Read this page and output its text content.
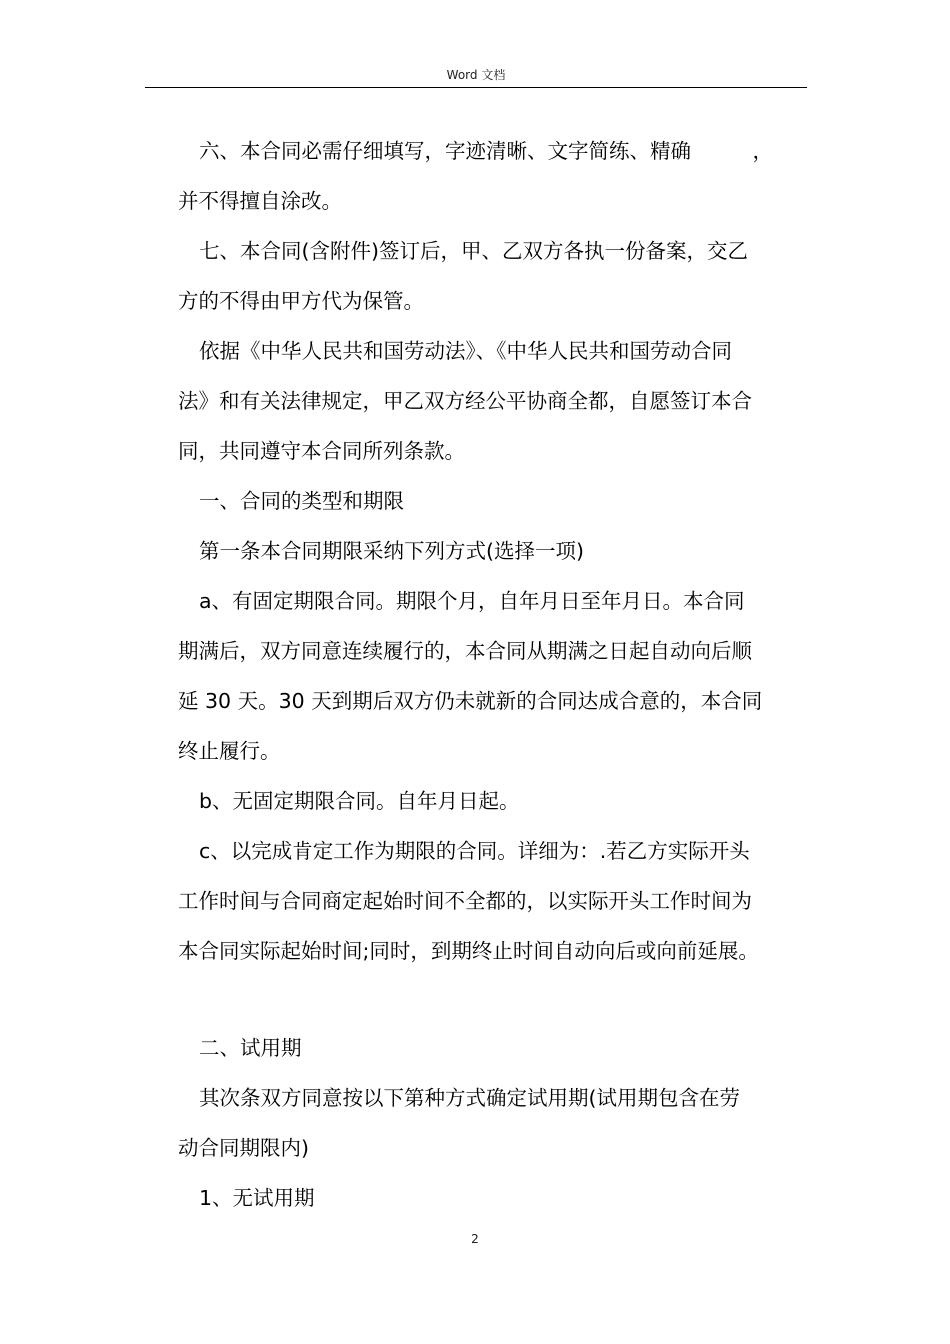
Word 文档
六、本合同必需仔细填写，字迹清晰、文字简练、精确　　　，
并不得擅自涂改。
七、本合同(含附件)签订后，甲、乙双方各执一份备案，交乙
方的不得由甲方代为保管。
依据《中华人民共和国劳动法》、《中华人民共和国劳动合同
法》和有关法律规定，甲乙双方经公平协商全都，自愿签订本合
同，共同遵守本合同所列条款。
一、合同的类型和期限
第一条本合同期限采纳下列方式(选择一项)
a、有固定期限合同。期限个月，自年月日至年月日。本合同
期满后，双方同意连续履行的，本合同从期满之日起自动向后顺
延 30 天。30 天到期后双方仍未就新的合同达成合意的，本合同
终止履行。
b、无固定期限合同。自年月日起。
c、以完成肯定工作为期限的合同。详细为：.若乙方实际开头
工作时间与合同商定起始时间不全都的，以实际开头工作时间为
本合同实际起始时间;同时，到期终止时间自动向后或向前延展。
二、试用期
其次条双方同意按以下第种方式确定试用期(试用期包含在劳
动合同期限内)
1、无试用期
2
